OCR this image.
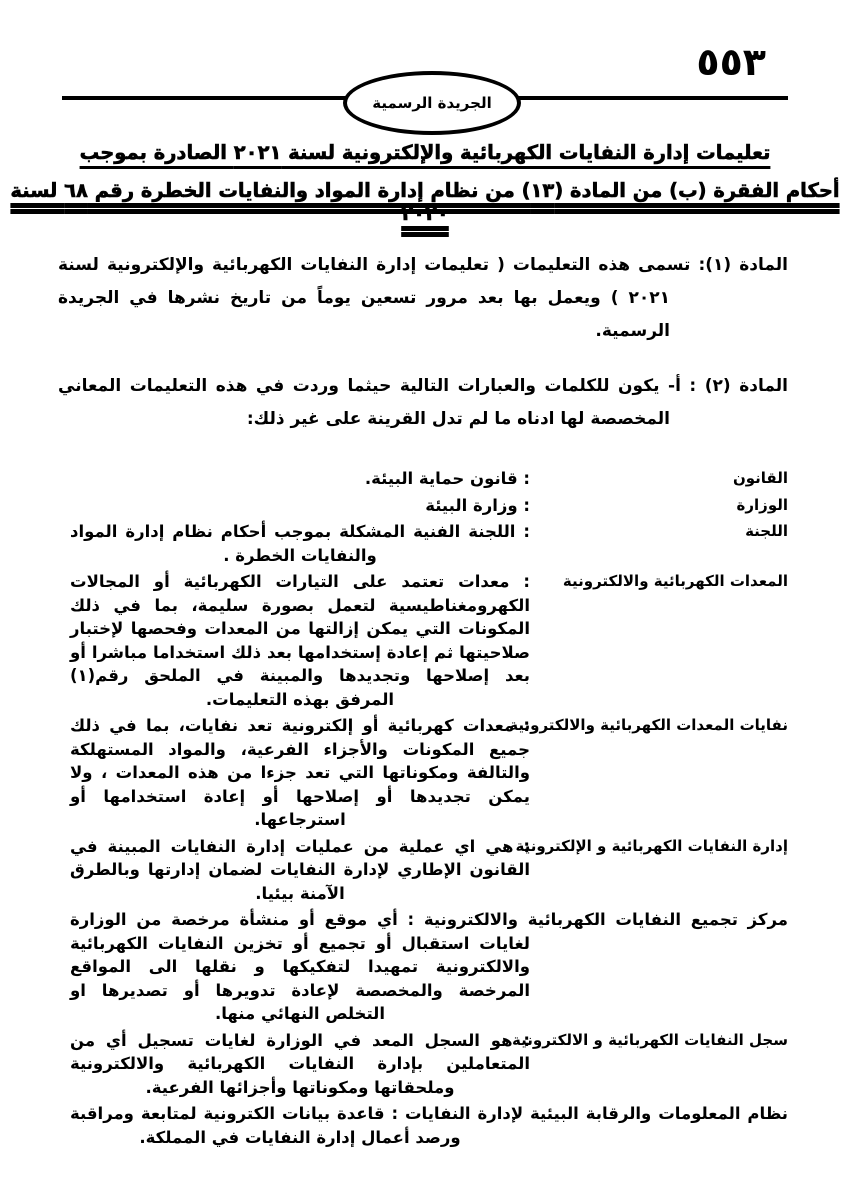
٥٥٣
الجريدة الرسمية
تعليمات إدارة النفايات الكهربائية والإلكترونية لسنة ٢٠٢١ الصادرة بموجب
أحكام الفقرة (ب) من المادة (١٣) من نظام إدارة المواد والنفايات الخطرة رقم ٦٨ لسنة ٢٠٢٠

المادة (١): تسمى هذه التعليمات ( تعليمات إدارة النفايات الكهربائية والإلكترونية لسنة ٢٠٢١ ) ويعمل بها بعد مرور تسعين يوماً من تاريخ نشرها في الجريدة الرسمية.

المادة (٢) : أ- يكون للكلمات والعبارات التالية حيثما وردت في هذه التعليمات المعاني المخصصة لها ادناه ما لم تدل القرينة على غير ذلك:

القانون
: قانون حماية البيئة.
الوزارة
: وزارة البيئة
اللجنة
: اللجنة الفنية المشكلة بموجب أحكام نظام إدارة المواد والنفايات الخطرة .
المعدات الكهربائية والالكترونية
: معدات تعتمد على التيارات الكهربائية أو المجالات الكهرومغناطيسية لتعمل بصورة سليمة، بما في ذلك المكونات التي يمكن إزالتها من المعدات وفحصها لإختبار صلاحيتها ثم إعادة إستخدامها بعد ذلك استخداما مباشرا أو بعد إصلاحها وتجديدها والمبينة في الملحق رقم(١) المرفق بهذه التعليمات.
نفايات المعدات الكهربائية والالكترونية
: معدات كهربائية أو إلكترونية تعد نفايات، بما في ذلك جميع المكونات والأجزاء الفرعية، والمواد المستهلكة والتالفة ومكوناتها التي تعد جزءا من هذه المعدات ، ولا يمكن تجديدها أو إصلاحها أو إعادة استخدامها أو استرجاعها.
إدارة النفايات الكهربائية و الإلكترونية
: هي اي عملية من عمليات إدارة النفايات المبينة في القانون الإطاري لإدارة النفايات لضمان إدارتها وبالطرق الآمنة بيئيا.

مركز تجميع النفايات الكهربائية والالكترونية : أي موقع أو منشأة مرخصة من الوزارة لغايات استقبال أو تجميع أو تخزين النفايات الكهربائية والالكترونية تمهيدا لتفكيكها و نقلها الى المواقع المرخصة والمخصصة لإعادة تدويرها أو تصديرها او التخلص النهائي منها.

سجل النفايات الكهربائية و الالكترونية
: هو السجل المعد في الوزارة لغايات تسجيل أي من المتعاملين بإدارة النفايات الكهربائية والالكترونية وملحقاتها ومكوناتها وأجزائها الفرعية.

نظام المعلومات والرقابة البيئية لإدارة النفايات : قاعدة بيانات الكترونية لمتابعة ومراقبة ورصد أعمال إدارة النفايات في المملكة.
